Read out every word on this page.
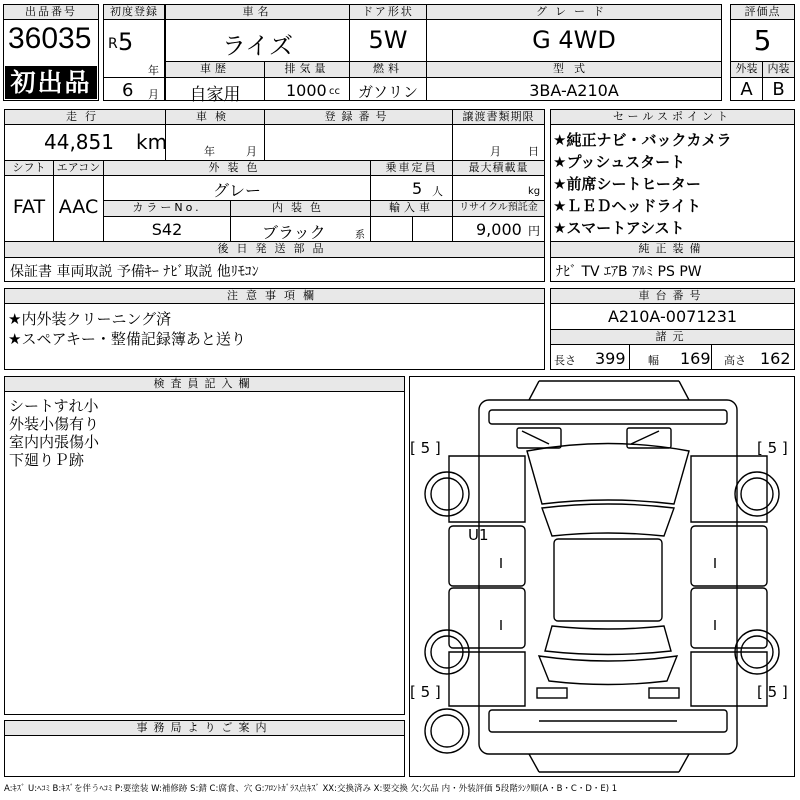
出品番号
36035
初出品
初度登録
R 5
年
6 月
車名	ドア形状	グレード
ライズ	5W	G 4WD
車歴	排気量	燃料	型式
自家用	1000 cc	ガソリン	3BA-A210A
評価点
5
外装 内装
A	B
走行	車検	登録番号	譲渡書類期限
44,851 km	年	月	月 日
シフト	エアコン	外装色	乗車定員	最大積載量
FAT AAC
グレー	5 人	kg
カラーNo.	内装色	輸入車	リサイクル預託金
S42	ブラック	系	9,000 円
後日発送部品
保証書 車両取説 予備ｷｰ ﾅﾋﾞ取説 他ﾘﾓｺﾝ
セールスポイント
★純正ナビ・バックカメラ
★プッシュスタート
★前席シートヒーター
★ＬＥＤヘッドライト
★スマートアシスト
純正装備
ﾅﾋﾞ TV ｴｱB ｱﾙﾐ PS PW
注意事項欄
★内外装クリーニング済
★スペアキー・整備記録簿あと送り
車台番号
A210A-0071231
諸元
長さ 399 幅 169 高さ 162
検査員記入欄
シートすれ小
外装小傷有り
室内内張傷小
下廻りＰ跡
事務局よりご案内
[ 5 ]	[ 5 ]
[ 5 ]	[ 5 ]
U1
A:ｷｽﾞ U:ﾍｺﾐ B:ｷｽﾞを伴うﾍｺﾐ P:要塗装 W:補修跡 S:錆 C:腐食、穴 G:ﾌﾛﾝﾄｶﾞﾗｽ点ｷｽﾞ XX:交換済み X:要交換 欠:欠品 内・外装評価 5段階ﾗﾝｸ順(A・B・C・D・E) 1
